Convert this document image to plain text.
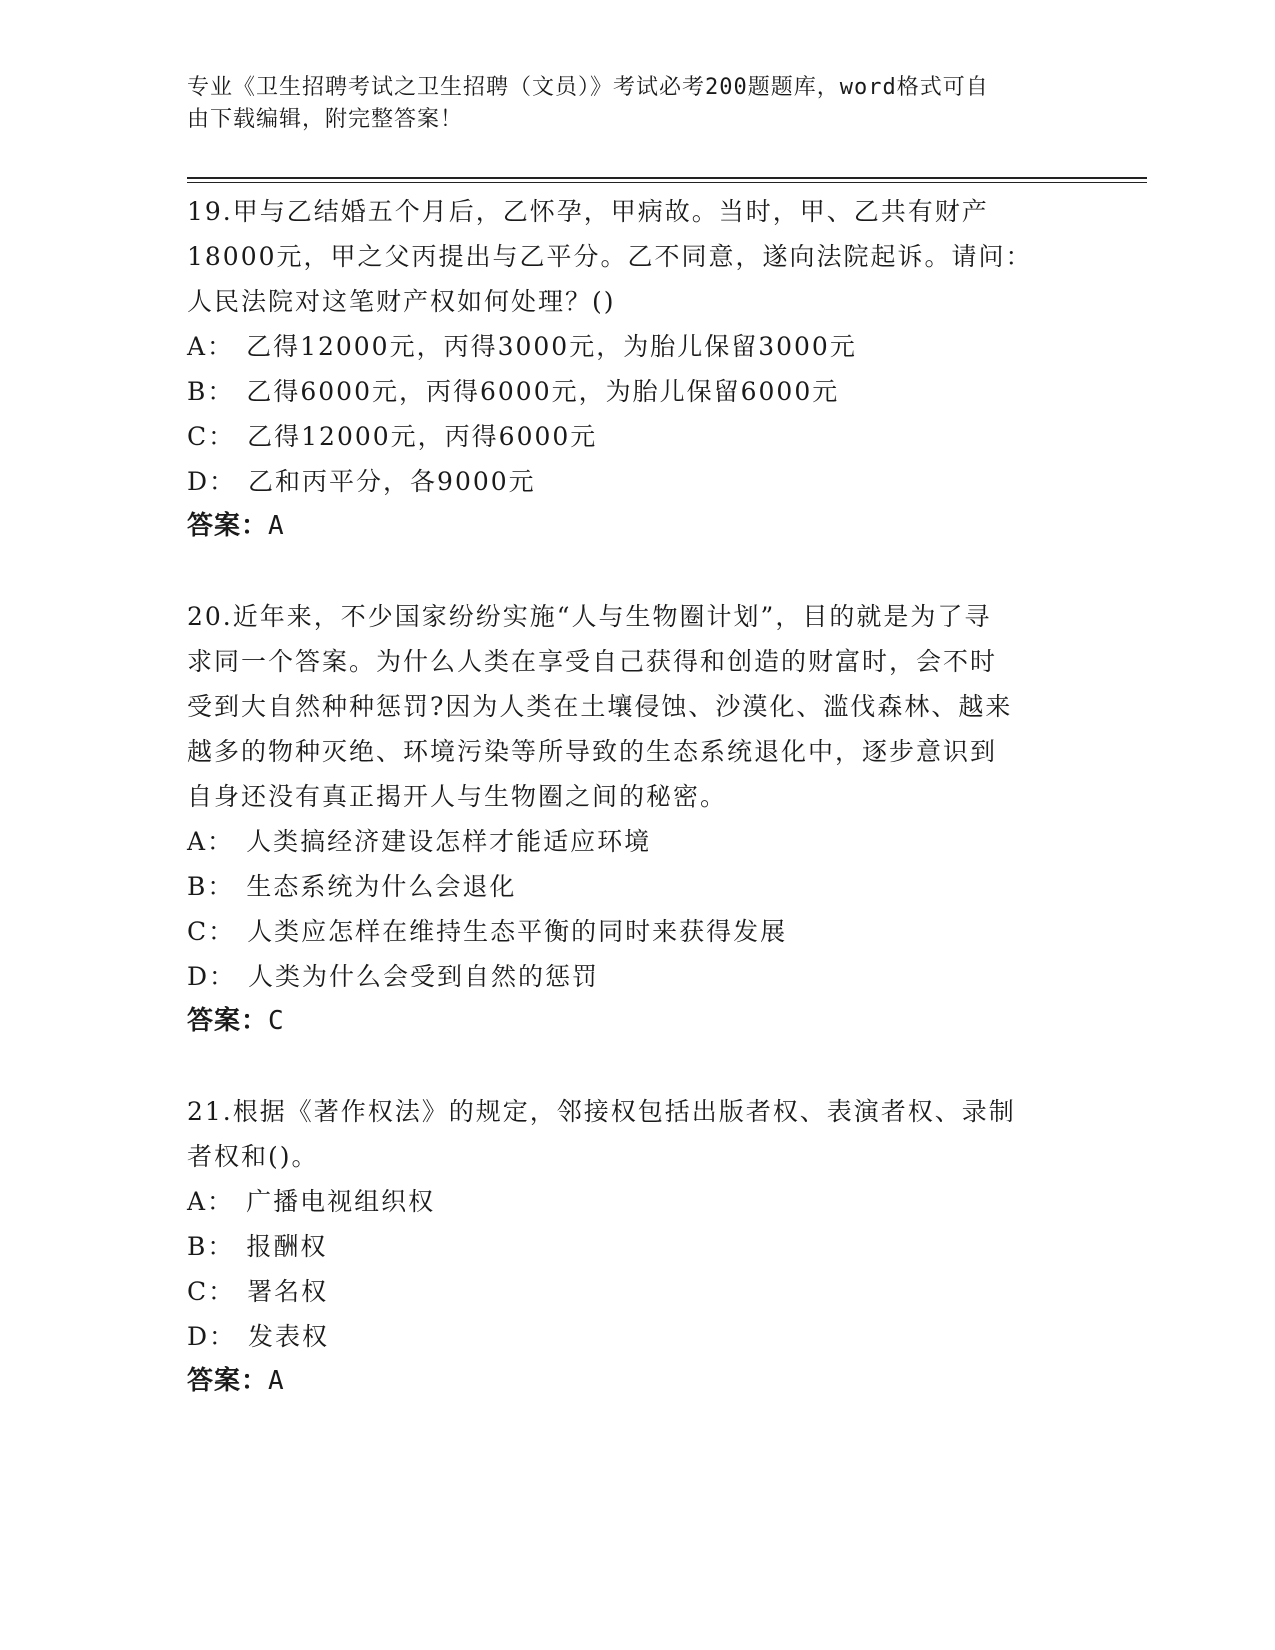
专业《卫生招聘考试之卫生招聘（文员）》考试必考200题题库，word格式可自
由下载编辑，附完整答案！
19.甲与乙结婚五个月后，乙怀孕，甲病故。当时，甲、乙共有财产
18000元，甲之父丙提出与乙平分。乙不同意，遂向法院起诉。请问：
人民法院对这笔财产权如何处理？()
A： 乙得12000元，丙得3000元，为胎儿保留3000元
B： 乙得6000元，丙得6000元，为胎儿保留6000元
C： 乙得12000元，丙得6000元
D： 乙和丙平分，各9000元
答案：A
20.近年来，不少国家纷纷实施“人与生物圈计划”，目的就是为了寻
求同一个答案。为什么人类在享受自己获得和创造的财富时，会不时
受到大自然种种惩罚?因为人类在土壤侵蚀、沙漠化、滥伐森林、越来
越多的物种灭绝、环境污染等所导致的生态系统退化中，逐步意识到
自身还没有真正揭开人与生物圈之间的秘密。
A： 人类搞经济建设怎样才能适应环境
B： 生态系统为什么会退化
C： 人类应怎样在维持生态平衡的同时来获得发展
D： 人类为什么会受到自然的惩罚
答案：C
21.根据《著作权法》的规定，邻接权包括出版者权、表演者权、录制
者权和()。
A： 广播电视组织权
B： 报酬权
C： 署名权
D： 发表权
答案：A
